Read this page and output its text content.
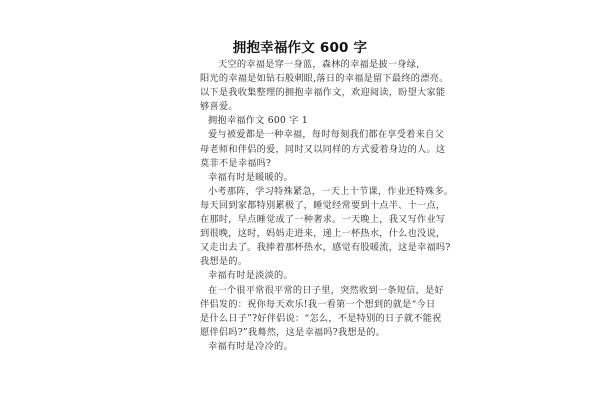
拥抱幸福作文 600 字
天空的幸福是穿一身蓝，森林的幸福是披一身绿，
阳光的幸福是如钻石般刺眼,落日的幸福是留下最终的漂亮。
以下是我收集整理的拥抱幸福作文，欢迎阅读，盼望大家能
够喜爱。
拥抱幸福作文 600 字 1
爱与被爱都是一种幸福，每时每刻我们都在享受着来自父
母老师和伴侣的爱，同时又以同样的方式爱着身边的人。这
莫非不是幸福吗?
幸福有时是暖暖的。
小考那阵，学习特殊紧急，一天上十节课，作业还特殊多。
每天回到家都特别累极了，睡觉经常要到十点半、十一点，
在那时，早点睡觉成了一种奢求。一天晚上，我又写作业写
到很晚，这时，妈妈走进来，递上一杯热水，什么也没说，
又走出去了。我捧着那杯热水，感觉有股暖流，这是幸福吗?
我想是的。
幸福有时是淡淡的。
在一个很平常很平常的日子里，突然收到一条短信，是好
伴侣发的：祝你每天欢乐!我一看第一个想到的就是“今日
是什么日子”?好伴侣说：“怎么，不是特别的日子就不能祝
愿伴侣吗?”我蓦然，这是幸福吗?我想是的。
幸福有时是冷冷的。
